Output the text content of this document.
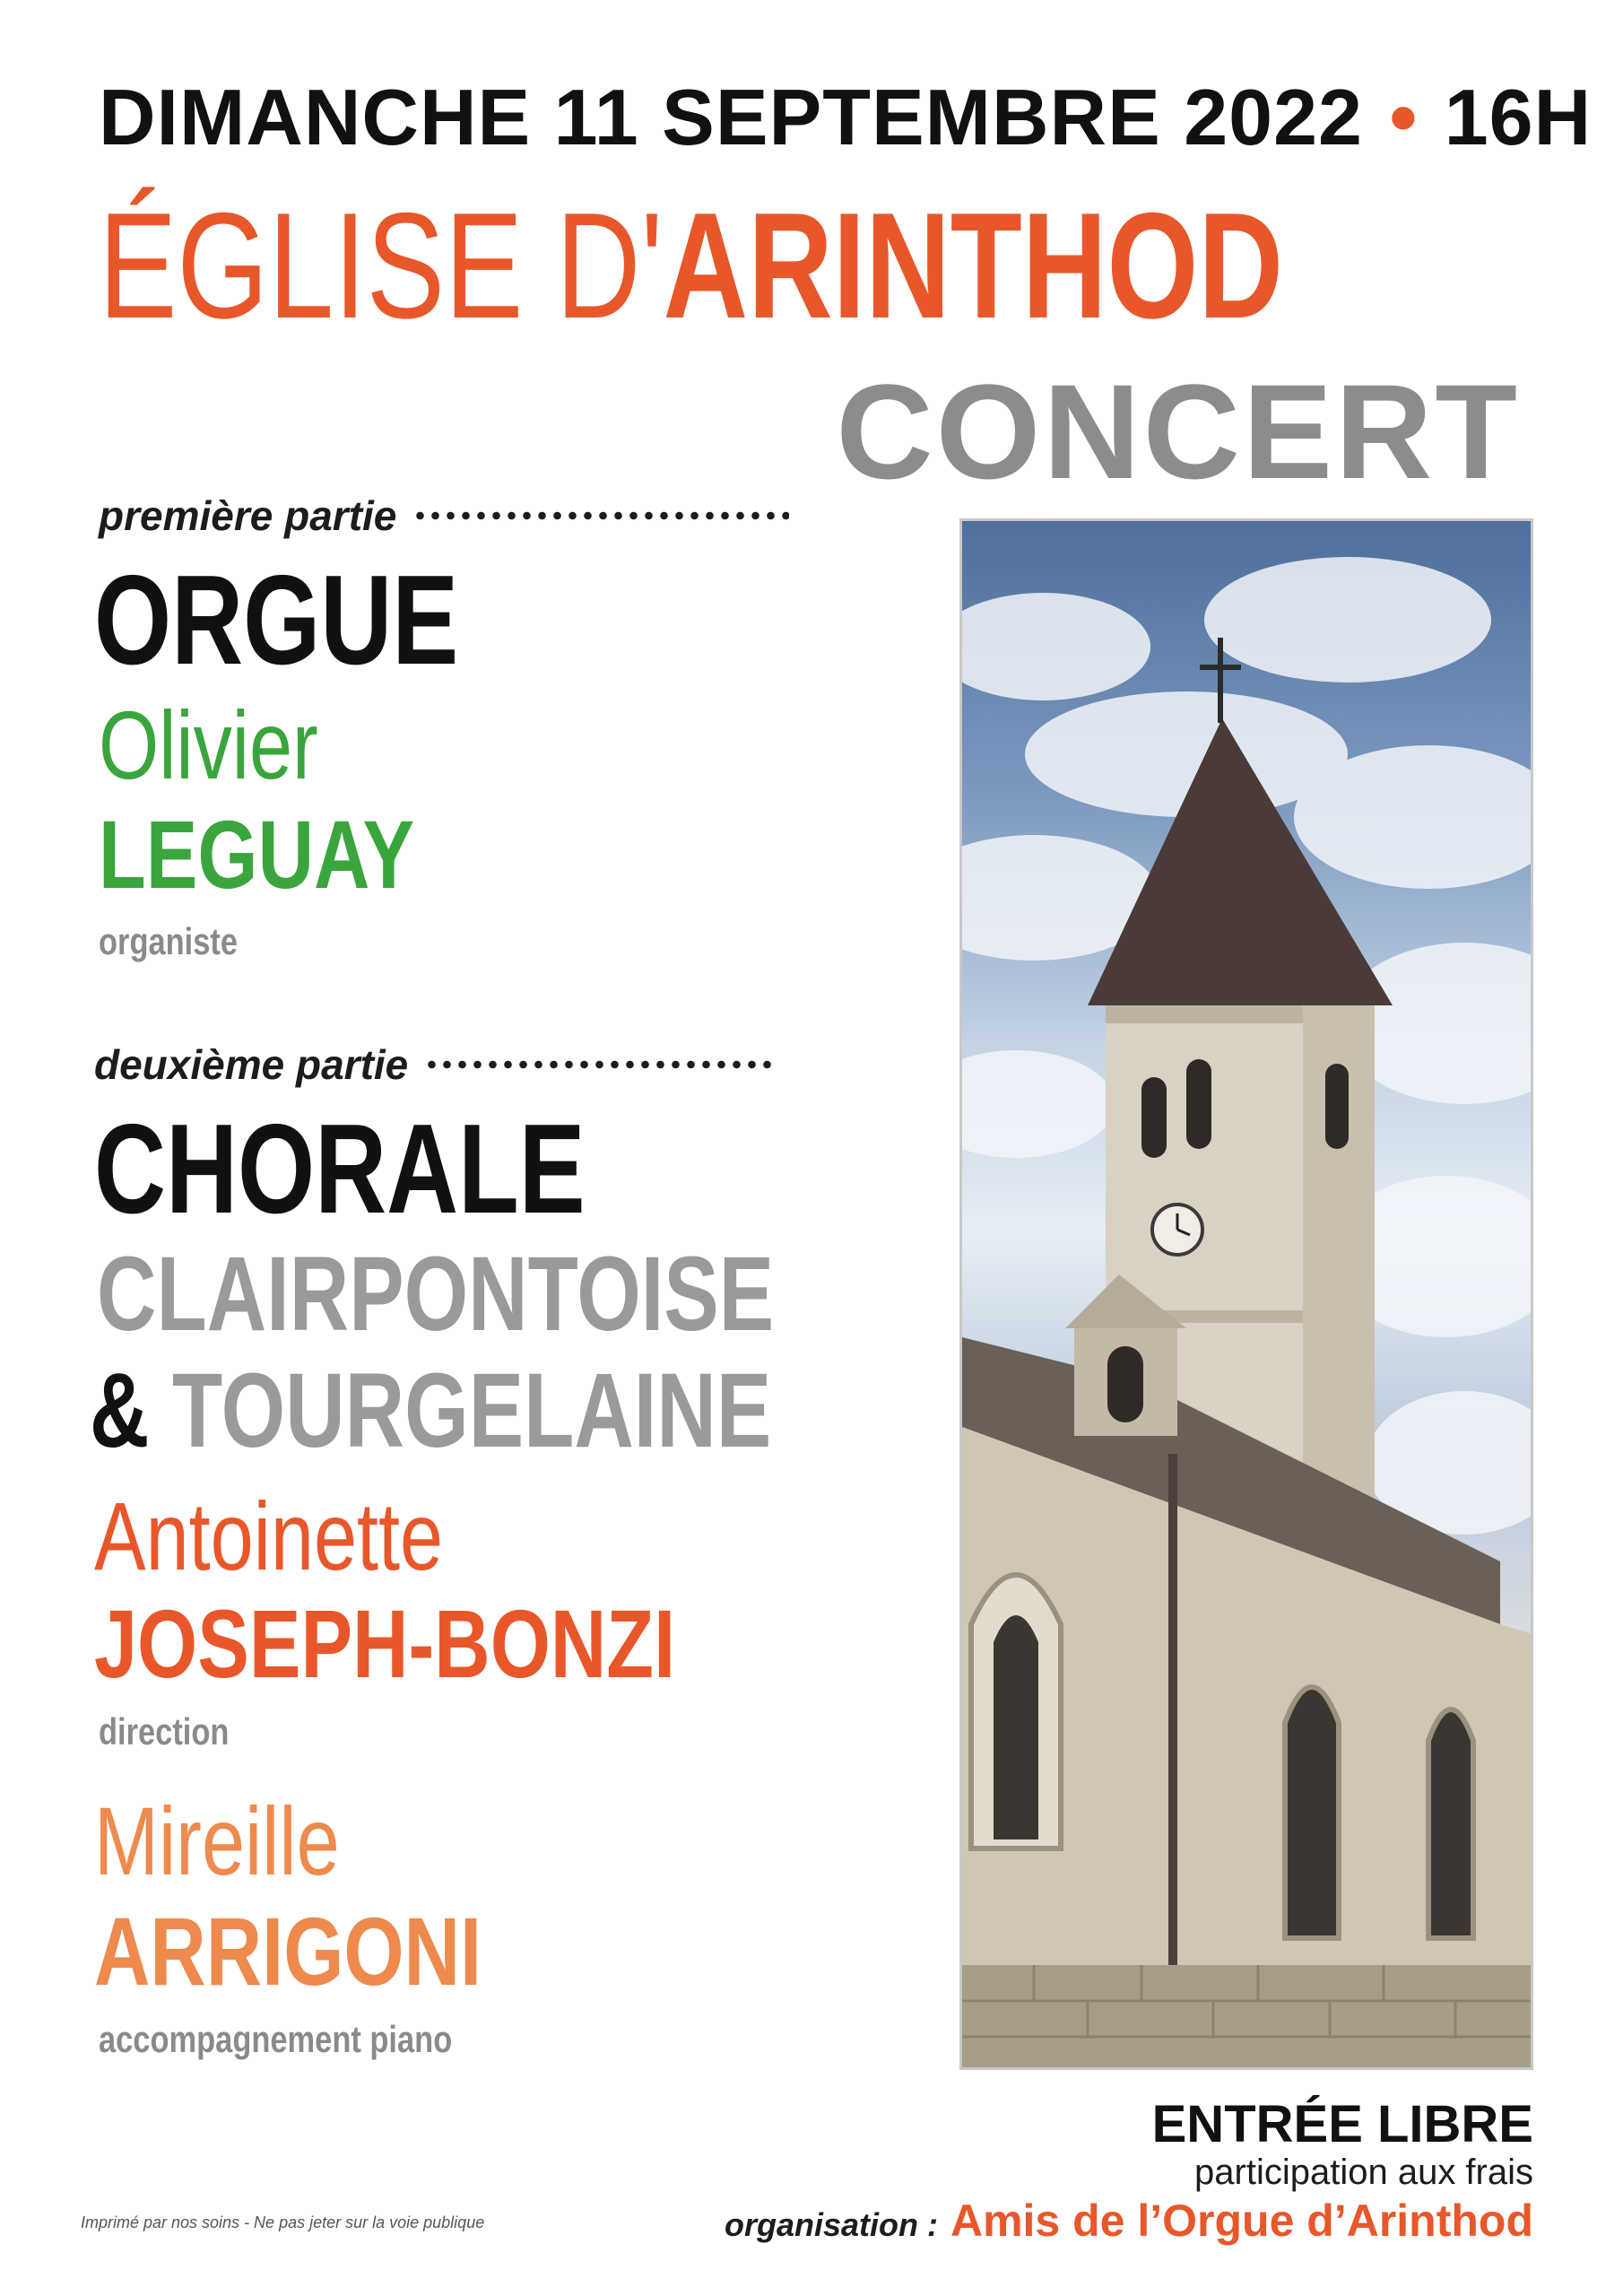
DIMANCHE 11 SEPTEMBRE 2022 • 16H
ÉGLISE D'ARINTHOD
CONCERT
première partie
ORGUE
Olivier
LEGUAY
organiste
deuxième partie
CHORALE
CLAIRPONTOISE
& TOURGELAINE
Antoinette
JOSEPH-BONZI
direction
Mireille
ARRIGONI
accompagnement piano
ENTRÉE LIBRE
participation aux frais
organisation : Amis de l’Orgue d’Arinthod
Imprimé par nos soins - Ne pas jeter sur la voie publique
